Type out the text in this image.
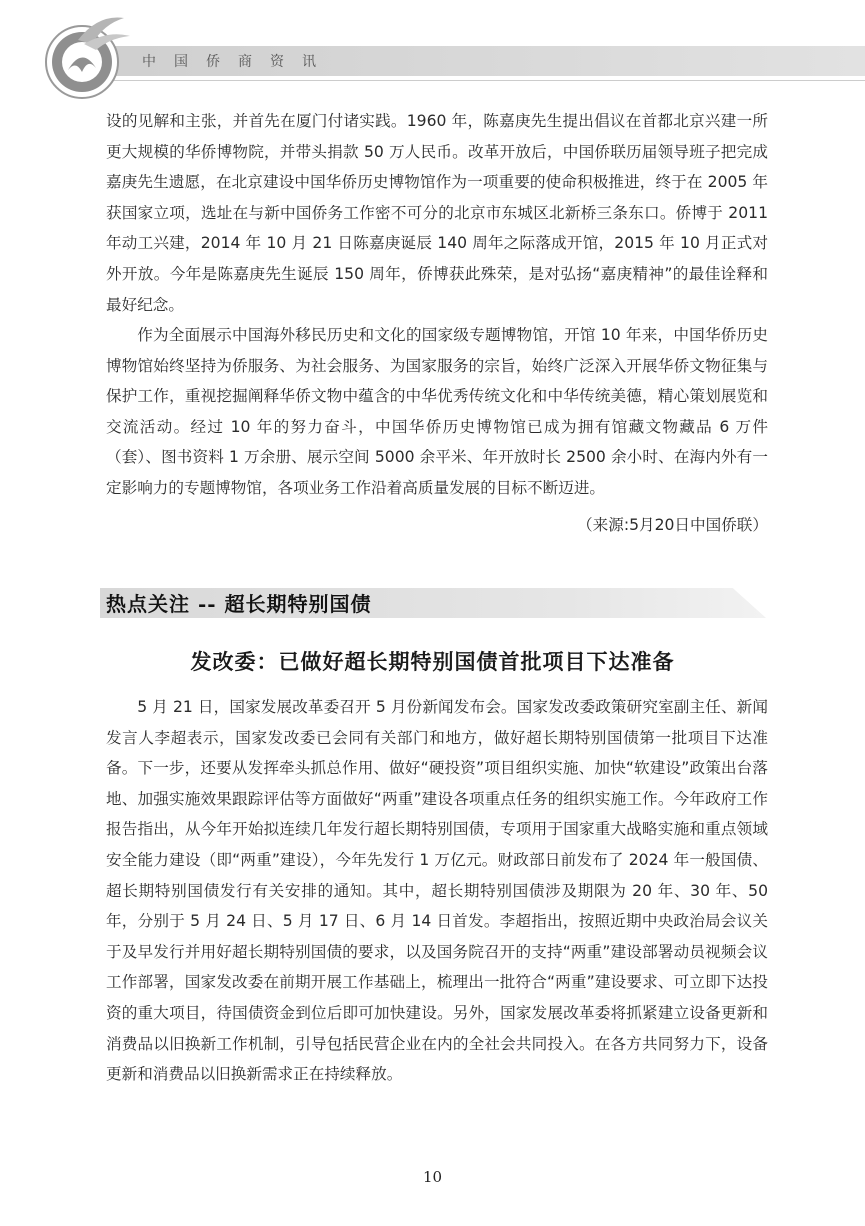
中国侨商资讯

设的见解和主张，并首先在厦门付诸实践。1960 年，陈嘉庚先生提出倡议在首都北京兴建一所更大规模的华侨博物院，并带头捐款 50 万人民币。改革开放后，中国侨联历届领导班子把完成嘉庚先生遗愿，在北京建设中国华侨历史博物馆作为一项重要的使命积极推进，终于在 2005 年获国家立项，选址在与新中国侨务工作密不可分的北京市东城区北新桥三条东口。侨博于 2011 年动工兴建，2014 年 10 月 21 日陈嘉庚诞辰 140 周年之际落成开馆，2015 年 10 月正式对外开放。今年是陈嘉庚先生诞辰 150 周年，侨博获此殊荣，是对弘扬“嘉庚精神”的最佳诠释和最好纪念。

作为全面展示中国海外移民历史和文化的国家级专题博物馆，开馆 10 年来，中国华侨历史博物馆始终坚持为侨服务、为社会服务、为国家服务的宗旨，始终广泛深入开展华侨文物征集与保护工作，重视挖掘阐释华侨文物中蕴含的中华优秀传统文化和中华传统美德，精心策划展览和交流活动。经过 10 年的努力奋斗，中国华侨历史博物馆已成为拥有馆藏文物藏品 6 万件（套）、图书资料 1 万余册、展示空间 5000 余平米、年开放时长 2500 余小时、在海内外有一定影响力的专题博物馆，各项业务工作沿着高质量发展的目标不断迈进。

（来源:5月20日中国侨联）
热点关注 -- 超长期特别国债
发改委：已做好超长期特别国债首批项目下达准备

5 月 21 日，国家发展改革委召开 5 月份新闻发布会。国家发改委政策研究室副主任、新闻发言人李超表示，国家发改委已会同有关部门和地方，做好超长期特别国债第一批项目下达准备。下一步，还要从发挥牵头抓总作用、做好“硬投资”项目组织实施、加快“软建设”政策出台落地、加强实施效果跟踪评估等方面做好“两重”建设各项重点任务的组织实施工作。今年政府工作报告指出，从今年开始拟连续几年发行超长期特别国债，专项用于国家重大战略实施和重点领域安全能力建设（即“两重”建设），今年先发行 1 万亿元。财政部日前发布了 2024 年一般国债、超长期特别国债发行有关安排的通知。其中，超长期特别国债涉及期限为 20 年、30 年、50 年，分别于 5 月 24 日、5 月 17 日、6 月 14 日首发。李超指出，按照近期中央政治局会议关于及早发行并用好超长期特别国债的要求，以及国务院召开的支持“两重”建设部署动员视频会议工作部署，国家发改委在前期开展工作基础上，梳理出一批符合“两重”建设要求、可立即下达投资的重大项目，待国债资金到位后即可加快建设。另外，国家发展改革委将抓紧建立设备更新和消费品以旧换新工作机制，引导包括民营企业在内的全社会共同投入。在各方共同努力下，设备更新和消费品以旧换新需求正在持续释放。

10
